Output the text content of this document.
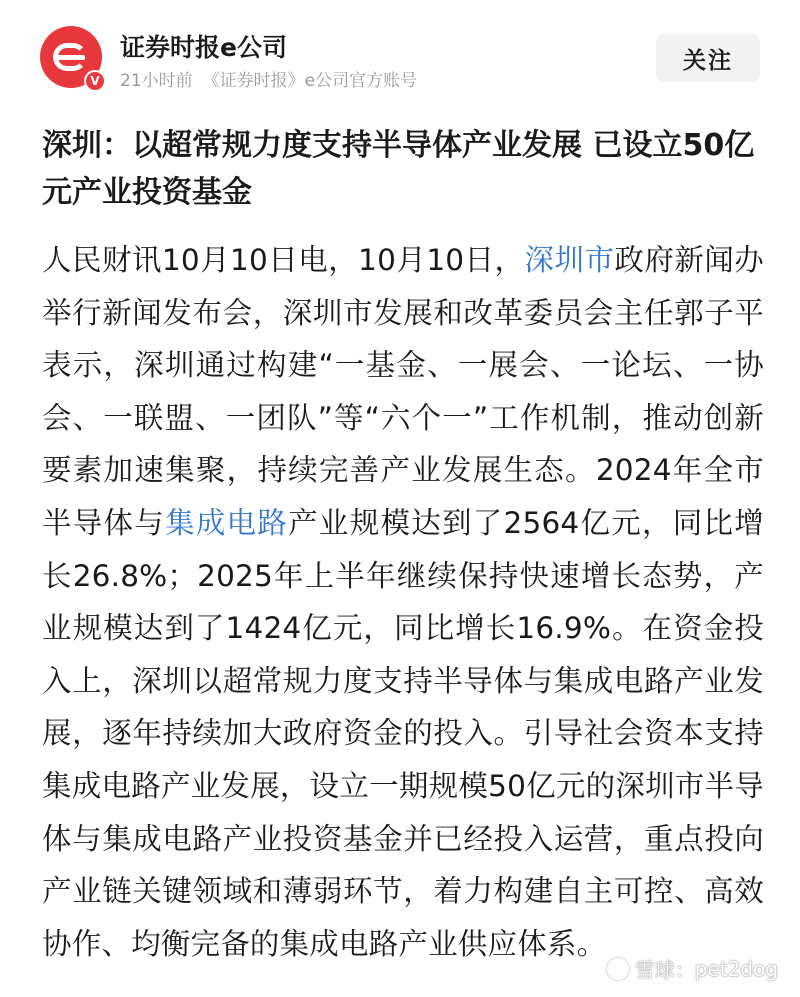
V
证券时报e公司
21小时前 《证券时报》e公司官方账号
关注
深圳：以超常规力度支持半导体产业发展 已设立50亿元产业投资基金
人民财讯10月10日电，10月10日，深圳市政府新闻办举行新闻发布会，深圳市发展和改革委员会主任郭子平表示，深圳通过构建“一基金、一展会、一论坛、一协会、一联盟、一团队”等“六个一”工作机制，推动创新要素加速集聚，持续完善产业发展生态。2024年全市半导体与集成电路产业规模达到了2564亿元，同比增长26.8%；2025年上半年继续保持快速增长态势，产业规模达到了1424亿元，同比增长16.9%。在资金投入上，深圳以超常规力度支持半导体与集成电路产业发展，逐年持续加大政府资金的投入。引导社会资本支持集成电路产业发展，设立一期规模50亿元的深圳市半导体与集成电路产业投资基金并已经投入运营，重点投向产业链关键领域和薄弱环节，着力构建自主可控、高效协作、均衡完备的集成电路产业供应体系。
雪球 ： pet2dog
